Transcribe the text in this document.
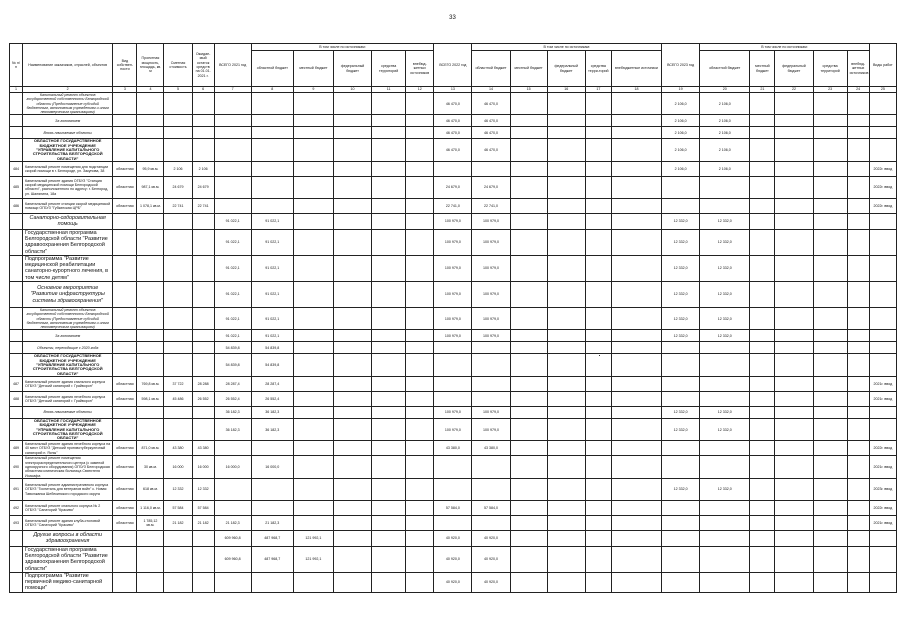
33
№ п/п	Наименование заказчиков, отраслей, объектов	Вид собствен-ности	Проектная мощность, площадь, кв. м	Сметная стоимость	Ожидае-мый остаток средств на 01.01. 2021 г.	ВСЕГО 2021 год	В том числе по источникам:					ВСЕГО 2022 год	В том числе по источникам:					ВСЕГО 2023 год	В том числе по источникам:					Виды работ
							областной бюджет	местный бюджет	федеральный бюджет	средства территорий	внебюд-жетных источников		областной бюджет	местный бюджет	федеральный бюджет	средства терри-торий	внебюджетные источники		областной бюджет	местный бюджет	федеральный бюджет	средства территорий	внебюд-жетных источников	
1	2	3	4	5	6	7	8	9	10	11	12	13	14	15	16	17	18	19	20	21	22	23	24	25
	Капитальный ремонт объектов государственной собственности Белгородской области (Предоставление субсидий бюджетным, автономным учреждениям и иным некоммерческим организациям)											46 470,0	46 470,0					2 106,0	2 106,0					
	За голованием											46 470,0	46 470,0					2 106,0	2 106,0					
	Вновь начинаемые объекты											46 470,0	46 470,0					2 106,0	2 106,0					
	ОБЛАСТНОЕ ГОСУДАРСТВЕННОЕ БЮДЖЕТНОЕ УЧРЕЖДЕНИЕ "УПРАВЛЕНИЕ КАПИТАЛЬНОГО СТРОИТЕЛЬСТВА БЕЛГОРОДСКОЙ ОБЛАСТИ"											46 470,0	46 470,0					2 106,0	2 106,0					
484	Капитальный ремонт помещения для подстанции скорой помощи в г. Белгороде, ул. Закупова, 38	областная	95,9 кв.м.	2 106	2 106													2 106,0	2 106,0					2022г. ввод
485	Капитальный ремонт здания ОГБУЗ "Станция скорой медицинской помощи Белгородской области", расположенного по адресу: г. Белгород, ул. Шаляпина, 18а	областная	987,1 кв.м.	24 679	24 679							24 679,0	24 679,0											2022г. ввод
486	Капитальный ремонт станции скорой медицинской помощи ОГБУЗ "Губкинская ЦРБ"	областная	1 078,1 кв.м.	22 741	22 741							22 741,0	22 741,0											2022г. ввод
	Санаторно-оздоровительная помощь					91 022,1	91 022,1					100 979,0	100 979,0					12 332,0	12 332,0					
	Государственная программа Белгородской области "Развитие здравоохранения Белгородской области"					91 022,1	91 022,1					100 979,0	100 979,0					12 332,0	12 332,0					
	Подпрограмма "Развитие медицинской реабилитации санаторно-курортного лечения, в том числе детям"					91 022,1	91 022,1					100 979,0	100 979,0					12 332,0	12 332,0					
	Основное мероприятие "Развитие инфраструктуры системы здравоохранения"					91 022,1	91 022,1					100 979,0	100 979,0					12 332,0	12 332,0					
	Капитальный ремонт объектов государственной собственности Белгородской области (Предоставление субсидий бюджетным, автономным учреждениям и иным некоммерческим организациям)					91 022,1	91 022,1					100 979,0	100 979,0					12 332,0	12 332,0					
	За голованием					91 022,1	91 022,1					100 979,0	100 979,0					12 332,0	12 332,0					
	Объекты, переходящие с 2020 года					54 839,8	54 839,8																	
	ОБЛАСТНОЕ ГОСУДАРСТВЕННОЕ БЮДЖЕТНОЕ УЧРЕЖДЕНИЕ "УПРАВЛЕНИЕ КАПИТАЛЬНОГО СТРОИТЕЛЬСТВА БЕЛГОРОДСКОЙ ОБЛАСТИ"					54 839,8	54 839,8																	
487	Капитальный ремонт здания спального корпуса ОГБУЗ "Детский санаторий г. Грайворон"	областная	769,8 кв.м.	37 722	28 288	28 287,4	28 287,4																	2021г. ввод
488	Капитальный ремонт здания лечебного корпуса ОГБУЗ "Детский санаторий г. Грайворон"	областная	598,1 кв.м.	45 486	26 552	26 552,4	26 552,4																	2021г. ввод
	Вновь начинаемые объекты					36 182,3	36 182,3					100 979,0	100 979,0					12 332,0	12 332,0					
	ОБЛАСТНОЕ ГОСУДАРСТВЕННОЕ БЮДЖЕТНОЕ УЧРЕЖДЕНИЕ "УПРАВЛЕНИЕ КАПИТАЛЬНОГО СТРОИТЕЛЬСТВА БЕЛГОРОДСКОЙ ОБЛАСТИ"					36 182,3	36 182,3					100 979,0	100 979,0					12 332,0	12 332,0					
489	Капитальный ремонт здания лечебного корпуса на 40 мест ОГБУЗ "Детский противотуберкулезный санаторий п. Ясны"	областная	871,0 кв.м.	43 380	43 380							43 380,0	43 380,0											2022г. ввод
490	Капитальный ремонт помещения электрораспределительного центра (с заменой одноярусного оборудования) ОГБУЗ Белгородская областная клиническая больница Святителя Иоасафа	областная	30 кв.м.	16 000	16 000	16 000,0	16 000,0																	2021г. ввод
491	Капитальный ремонт административного корпуса ОГБУЗ "Госпиталь для ветеранов войн" с. Новая Таволжанка Шебекинского городского округа	областная	618 кв.м.	12 332	12 332													12 332,0	12 332,0					2023г. ввод
492	Капитальный ремонт спального корпуса № 2 ОГБУЗ "Санаторий "Красиво"	областная	1 116,0 кв.м.	57 584	57 584							57 584,0	57 584,0											2022г. ввод
493	Капитальный ремонт здания клуба-столовой ОГБУЗ "Санаторий "Красиво"	областная	1 785,12 кв.м.	21 182	21 182	21 182,3	21 182,3																	2021г. ввод
	Другие вопросы в области здравоохранения					609 960,8	487 968,7	121 992,1				40 920,0	40 920,0											
	Государственная программа Белгородской области "Развитие здравоохранения Белгородской области"					609 960,8	487 968,7	121 992,1				40 920,0	40 920,0											
	Подпрограмма "Развитие первичной медико-санитарной помощи"											40 920,0	40 920,0											
